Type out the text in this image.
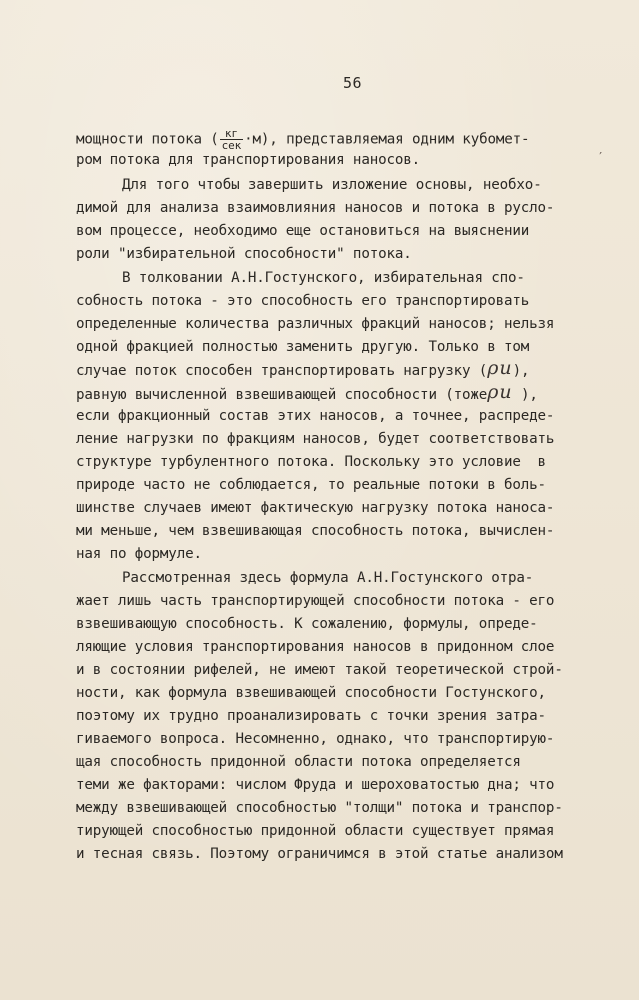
56
мощности потока ( $\frac{кг}{\text{сек}} \cdot м$), представляемая одним кубомет-
ром потока для транспортирования наносов.	′
Для того чтобы завершить изложение основы, необхо-
димой для анализа взаимовлияния наносов и потока в русло-
вом процессе, необходимо еще остановиться на выяснении
роли "избирательной способности" потока.
В толковании А.Н.Гостунского, избирательная спо-
собность потока - это способность его транспортировать
определенные количества различных фракций наносов; нельзя
одной фракцией полностью заменить другую. Только в том
случае поток способен транспортировать нагрузку (ρu),
равную вычисленной взвешивающей способности (тожеρu ),
если фракционный состав этих наносов, а точнее, распреде-
ление нагрузки по фракциям наносов, будет соответствовать
структуре турбулентного потока. Поскольку это условие  в
природе часто не соблюдается, то реальные потоки в боль-
шинстве случаев имеют фактическую нагрузку потока наноса-
ми меньше, чем взвешивающая способность потока, вычислен-
ная по формуле.
Рассмотренная здесь формула А.Н.Гостунского отра-
жает лишь часть транспортирующей способности потока - его
взвешивающую способность. К сожалению, формулы, опреде-
ляющие условия транспортирования наносов в придонном слое
и в состоянии рифелей, не имеют такой теоретической строй-
ности, как формула взвешивающей способности Гостунского,
поэтому их трудно проанализировать с точки зрения затра-
гиваемого вопроса. Несомненно, однако, что транспортирую-
щая способность придонной области потока определяется
теми же факторами: числом Фруда и шероховатостью дна; что
между взвешивающей способностью "толщи" потока и транспор-
тирующей способностью придонной области существует прямая
и тесная связь. Поэтому ограничимся в этой статье анализом
